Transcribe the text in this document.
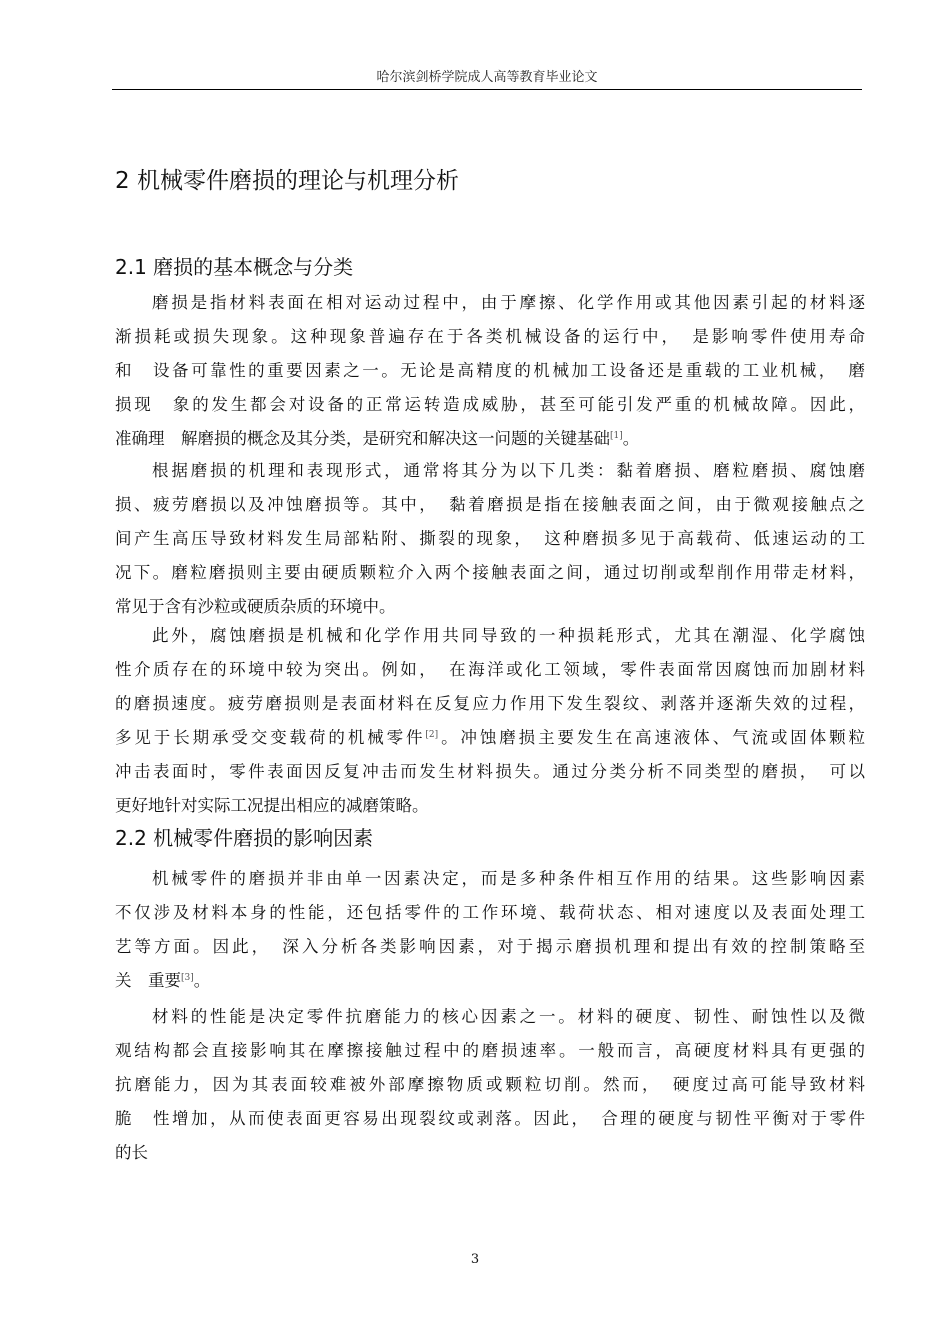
哈尔滨剑桥学院成人高等教育毕业论文
2 机械零件磨损的理论与机理分析
2.1 磨损的基本概念与分类
磨损是指材料表面在相对运动过程中，由于摩擦、化学作用或其他因素引起的材料逐
渐损耗或损失现象。这种现象普遍存在于各类机械设备的运行中，　是影响零件使用寿命
和　设备可靠性的重要因素之一。无论是高精度的机械加工设备还是重载的工业机械，　磨
损现　象的发生都会对设备的正常运转造成威胁，甚至可能引发严重的机械故障。因此，
准确理　解磨损的概念及其分类，是研究和解决这一问题的关键基础[1]。
根据磨损的机理和表现形式，通常将其分为以下几类：黏着磨损、磨粒磨损、腐蚀磨
损、疲劳磨损以及冲蚀磨损等。其中，　黏着磨损是指在接触表面之间，由于微观接触点之
间产生高压导致材料发生局部粘附、撕裂的现象，　这种磨损多见于高载荷、低速运动的工
况下。磨粒磨损则主要由硬质颗粒介入两个接触表面之间，通过切削或犁削作用带走材料，
常见于含有沙粒或硬质杂质的环境中。
此外，腐蚀磨损是机械和化学作用共同导致的一种损耗形式，尤其在潮湿、化学腐蚀
性介质存在的环境中较为突出。例如，　在海洋或化工领域，零件表面常因腐蚀而加剧材料
的磨损速度。疲劳磨损则是表面材料在反复应力作用下发生裂纹、剥落并逐渐失效的过程，
多见于长期承受交变载荷的机械零件[2]。冲蚀磨损主要发生在高速液体、气流或固体颗粒
冲击表面时，零件表面因反复冲击而发生材料损失。通过分类分析不同类型的磨损，　可以
更好地针对实际工况提出相应的减磨策略。
2.2 机械零件磨损的影响因素
机械零件的磨损并非由单一因素决定，而是多种条件相互作用的结果。这些影响因素
不仅涉及材料本身的性能，还包括零件的工作环境、载荷状态、相对速度以及表面处理工
艺等方面。因此，　深入分析各类影响因素，对于揭示磨损机理和提出有效的控制策略至
关　重要[3]。
材料的性能是决定零件抗磨能力的核心因素之一。材料的硬度、韧性、耐蚀性以及微
观结构都会直接影响其在摩擦接触过程中的磨损速率。一般而言，高硬度材料具有更强的
抗磨能力，因为其表面较难被外部摩擦物质或颗粒切削。然而，　硬度过高可能导致材料
脆　性增加，从而使表面更容易出现裂纹或剥落。因此，　合理的硬度与韧性平衡对于零件
的长
3
